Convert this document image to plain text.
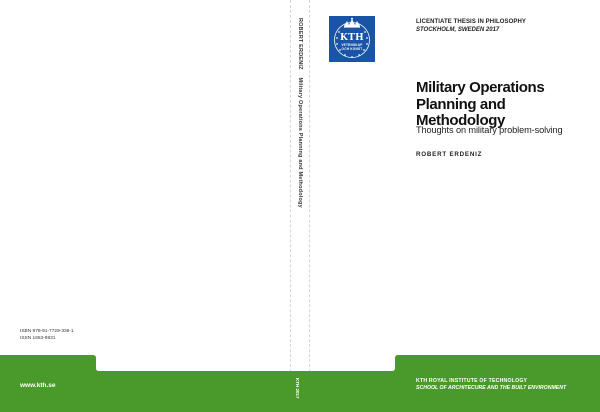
ROBERT ERDENIZ Military Operations Planning and Methodology
KTH
VETENSKAP
OCH KONST
LICENTIATE THESIS IN PHILOSOPHY
STOCKHOLM, SWEDEN 2017
Military Operations
Planning and Methodology
Thoughts on military problem-solving
ROBERT ERDENIZ
ISBN 978-91-7729-336-1
ISSN 1653-8831
www.kth.se	KTH 2017	KTH ROYAL INSTITUTE OF TECHNOLOGY
SCHOOL OF ARCHITECURE AND THE BUILT ENVIRONMENT
